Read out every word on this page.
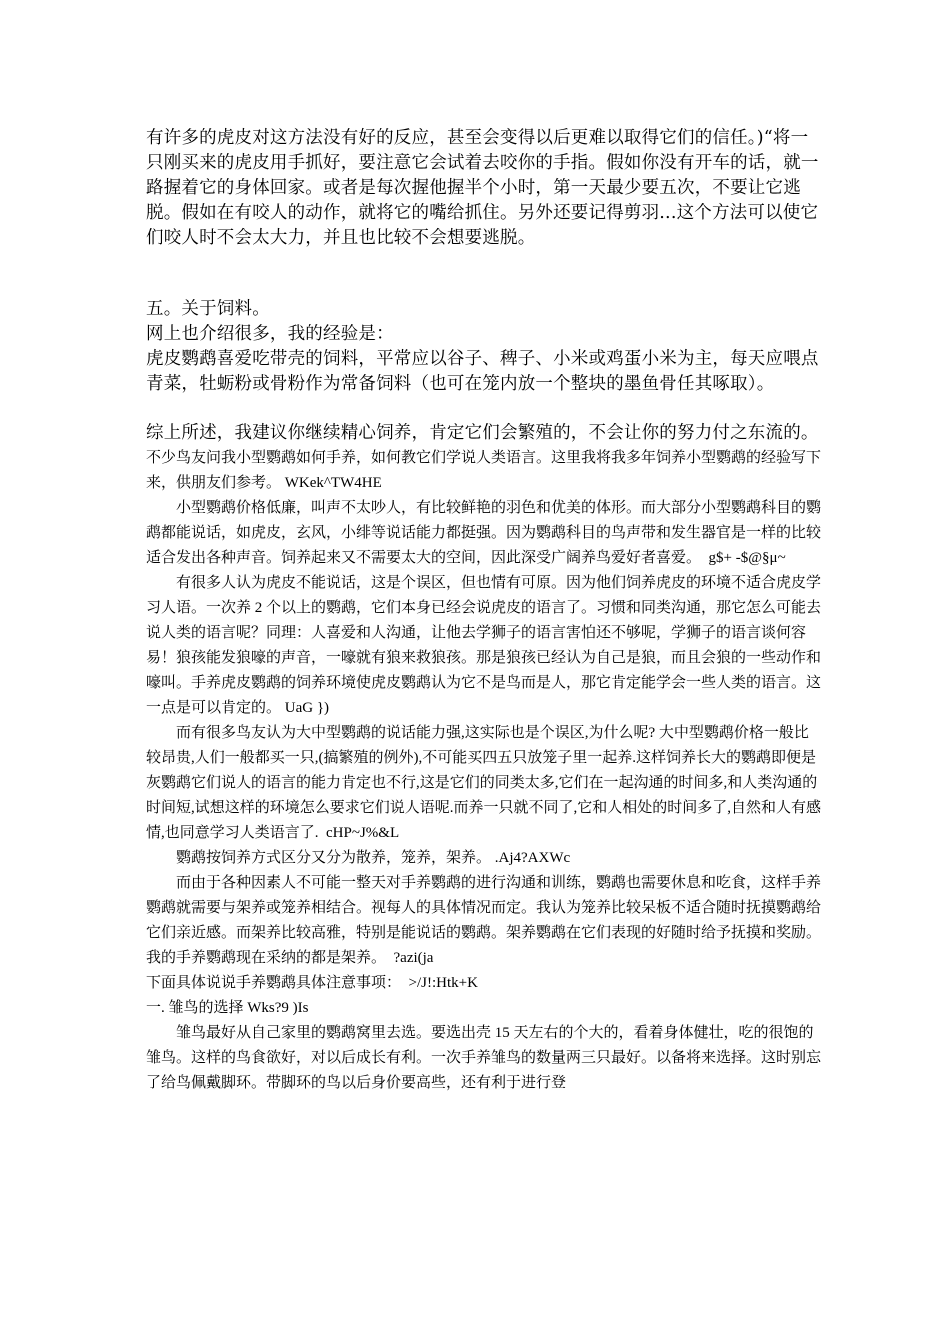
有许多的虎皮对这方法没有好的反应，甚至会变得以后更难以取得它们的信任。)“将一只刚买来的虎皮用手抓好，要注意它会试着去咬你的手指。假如你没有开车的话，就一路握着它的身体回家。或者是每次握他握半个小时，第一天最少要五次，不要让它逃脱。假如在有咬人的动作，就将它的嘴给抓住。另外还要记得剪羽...这个方法可以使它们咬人时不会太大力，并且也比较不会想要逃脱。

五。关于饲料。

网上也介绍很多，我的经验是：

虎皮鹦鹉喜爱吃带壳的饲料，平常应以谷子、稗子、小米或鸡蛋小米为主，每天应喂点青菜，牡蛎粉或骨粉作为常备饲料（也可在笼内放一个整块的墨鱼骨任其啄取）。

综上所述，我建议你继续精心饲养，肯定它们会繁殖的，不会让你的努力付之东流的。

不少鸟友问我小型鹦鹉如何手养，如何教它们学说人类语言。这里我将我多年饲养小型鹦鹉的经验写下来，供朋友们参考。 WKek^TW4HE

小型鹦鹉价格低廉，叫声不太吵人，有比较鲜艳的羽色和优美的体形。而大部分小型鹦鹉科目的鹦鹉都能说话，如虎皮，玄风，小绯等说话能力都挺强。因为鹦鹉科目的鸟声带和发生器官是一样的比较适合发出各种声音。饲养起来又不需要太大的空间，因此深受广阔养鸟爱好者喜爱。  g$+ -$@§μ~

有很多人认为虎皮不能说话，这是个误区，但也情有可原。因为他们饲养虎皮的环境不适合虎皮学习人语。一次养 2 个以上的鹦鹉，它们本身已经会说虎皮的语言了。习惯和同类沟通，那它怎么可能去说人类的语言呢？同理：人喜爱和人沟通，让他去学狮子的语言害怕还不够呢，学狮子的语言谈何容易！狼孩能发狼嚎的声音，一嚎就有狼来救狼孩。那是狼孩已经认为自己是狼，而且会狼的一些动作和嚎叫。手养虎皮鹦鹉的饲养环境使虎皮鹦鹉认为它不是鸟而是人，那它肯定能学会一些人类的语言。这一点是可以肯定的。 UaG })

而有很多鸟友认为大中型鹦鹉的说话能力强,这实际也是个误区,为什么呢? 大中型鹦鹉价格一般比较昂贵,人们一般都买一只,(搞繁殖的例外),不可能买四五只放笼子里一起养.这样饲养长大的鹦鹉即便是灰鹦鹉它们说人的语言的能力肯定也不行,这是它们的同类太多,它们在一起沟通的时间多,和人类沟通的时间短,试想这样的环境怎么要求它们说人语呢.而养一只就不同了,它和人相处的时间多了,自然和人有感情,也同意学习人类语言了.  cHP~J%&L

鹦鹉按饲养方式区分又分为散养，笼养，架养。 .Aj4?AXWc

而由于各种因素人不可能一整天对手养鹦鹉的进行沟通和训练，鹦鹉也需要休息和吃食，这样手养鹦鹉就需要与架养或笼养相结合。视每人的具体情况而定。我认为笼养比较呆板不适合随时抚摸鹦鹉给它们亲近感。而架养比较高雅，特别是能说话的鹦鹉。架养鹦鹉在它们表现的好随时给予抚摸和奖励。我的手养鹦鹉现在采纳的都是架养。  ?azi(ja

下面具体说说手养鹦鹉具体注意事项：  >/J!:Htk+K

一. 雏鸟的选择 Wks?9 )Is

雏鸟最好从自己家里的鹦鹉窝里去选。要选出壳 15 天左右的个大的，看着身体健壮，吃的很饱的雏鸟。这样的鸟食欲好，对以后成长有利。一次手养雏鸟的数量两三只最好。以备将来选择。这时别忘了给鸟佩戴脚环。带脚环的鸟以后身价要高些，还有利于进行登
